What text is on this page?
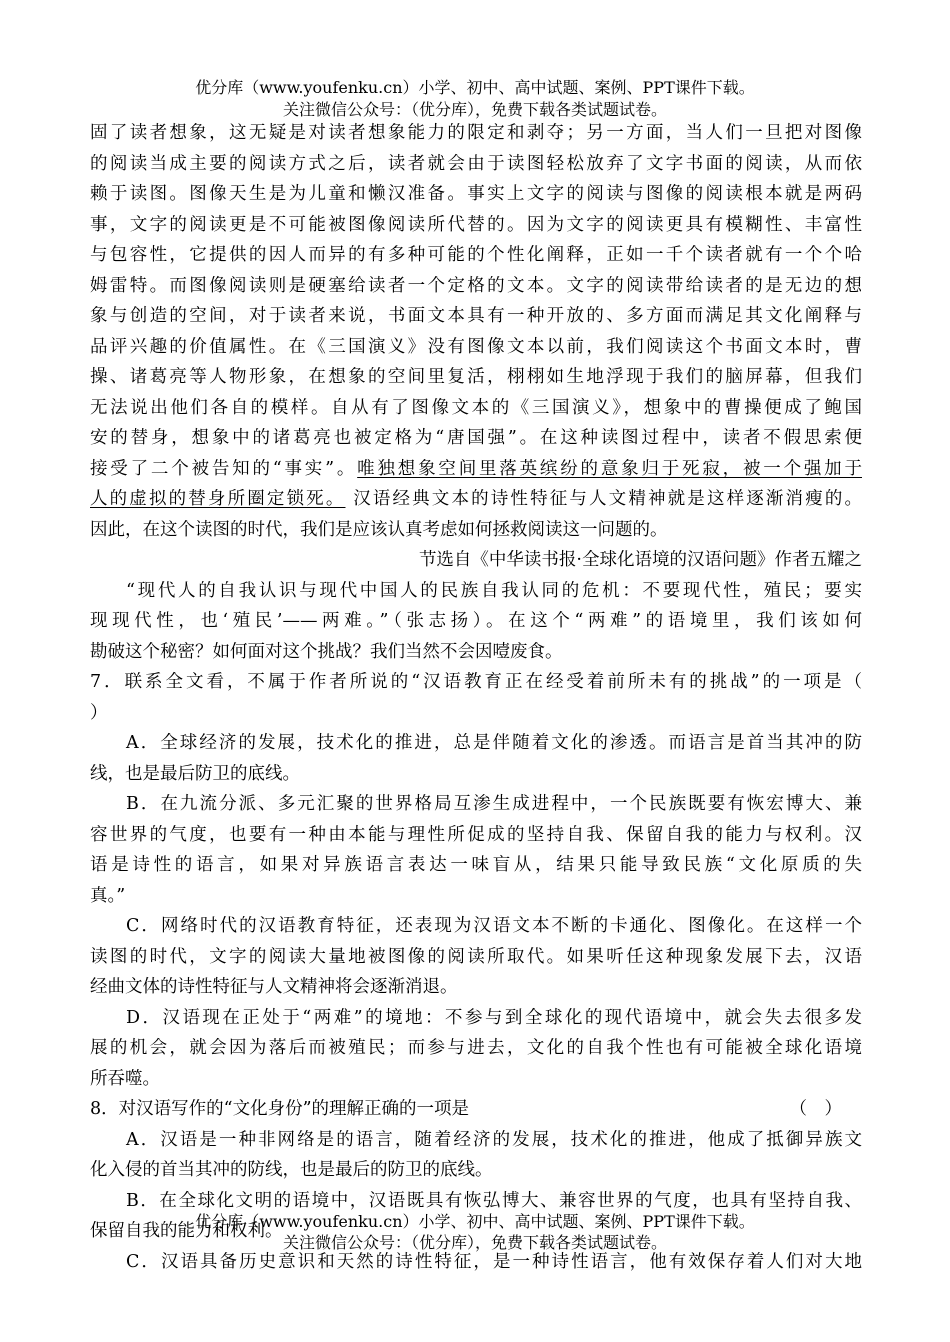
优分库（www.youfenku.cn）小学、初中、高中试题、案例、PPT课件下载。
关注微信公众号：（优分库），免费下载各类试题试卷。
固了读者想象，这无疑是对读者想象能力的限定和剥夺；另一方面，当人们一旦把对图像
的阅读当成主要的阅读方式之后，读者就会由于读图轻松放弃了文字书面的阅读，从而依
赖于读图。图像天生是为儿童和懒汉准备。事实上文字的阅读与图像的阅读根本就是两码
事，文字的阅读更是不可能被图像阅读所代替的。因为文字的阅读更具有模糊性、丰富性
与包容性，它提供的因人而异的有多种可能的个性化阐释，正如一千个读者就有一个个哈
姆雷特。而图像阅读则是硬塞给读者一个定格的文本。文字的阅读带给读者的是无边的想
象与创造的空间，对于读者来说，书面文本具有一种开放的、多方面而满足其文化阐释与
品评兴趣的价值属性。在《三国演义》没有图像文本以前，我们阅读这个书面文本时，曹
操、诸葛亮等人物形象，在想象的空间里复活，栩栩如生地浮现于我们的脑屏幕，但我们
无法说出他们各自的模样。自从有了图像文本的《三国演义》，想象中的曹操便成了鲍国
安的替身，想象中的诸葛亮也被定格为“唐国强”。在这种读图过程中，读者不假思索便
接受了二个被告知的“事实”。唯独想象空间里落英缤纷的意象归于死寂，被一个强加于
人的虚拟的替身所圈定锁死。 汉语经典文本的诗性特征与人文精神就是这样逐渐消瘦的。
因此，在这个读图的时代，我们是应该认真考虑如何拯救阅读这一问题的。
节选自《中华读书报·全球化语境的汉语问题》作者五耀之
“现代人的自我认识与现代中国人的民族自我认同的危机：不要现代性，殖民；要实
现现代性，也‘殖民’——两难。”（张志扬）。在这个“两难”的语境里，我们该如何
勘破这个秘密？如何面对这个挑战？我们当然不会因噎废食。
7．联系全文看，不属于作者所说的“汉语教育正在经受着前所未有的挑战”的一项是（
）
A．全球经济的发展，技术化的推进，总是伴随着文化的渗透。而语言是首当其冲的防
线，也是最后防卫的底线。
B．在九流分派、多元汇聚的世界格局互渗生成进程中，一个民族既要有恢宏博大、兼
容世界的气度，也要有一种由本能与理性所促成的坚持自我、保留自我的能力与权利。汉
语是诗性的语言，如果对异族语言表达一味盲从，结果只能导致民族“文化原质的失
真。”
C．网络时代的汉语教育特征，还表现为汉语文本不断的卡通化、图像化。在这样一个
读图的时代，文字的阅读大量地被图像的阅读所取代。如果听任这种现象发展下去，汉语
经曲文体的诗性特征与人文精神将会逐渐消退。
D．汉语现在正处于“两难”的境地：不参与到全球化的现代语境中，就会失去很多发
展的机会，就会因为落后而被殖民；而参与进去，文化的自我个性也有可能被全球化语境
所吞噬。
8．对汉语写作的“文化身份”的理解正确的一项是	（　）
A．汉语是一种非网络是的语言，随着经济的发展，技术化的推进，他成了抵御异族文
化入侵的首当其冲的防线，也是最后的防卫的底线。
B．在全球化文明的语境中，汉语既具有恢弘博大、兼容世界的气度，也具有坚持自我、
保留自我的能力和权利。
C．汉语具备历史意识和天然的诗性特征，是一种诗性语言，他有效保存着人们对大地
优分库（www.youfenku.cn）小学、初中、高中试题、案例、PPT课件下载。
关注微信公众号：（优分库），免费下载各类试题试卷。
